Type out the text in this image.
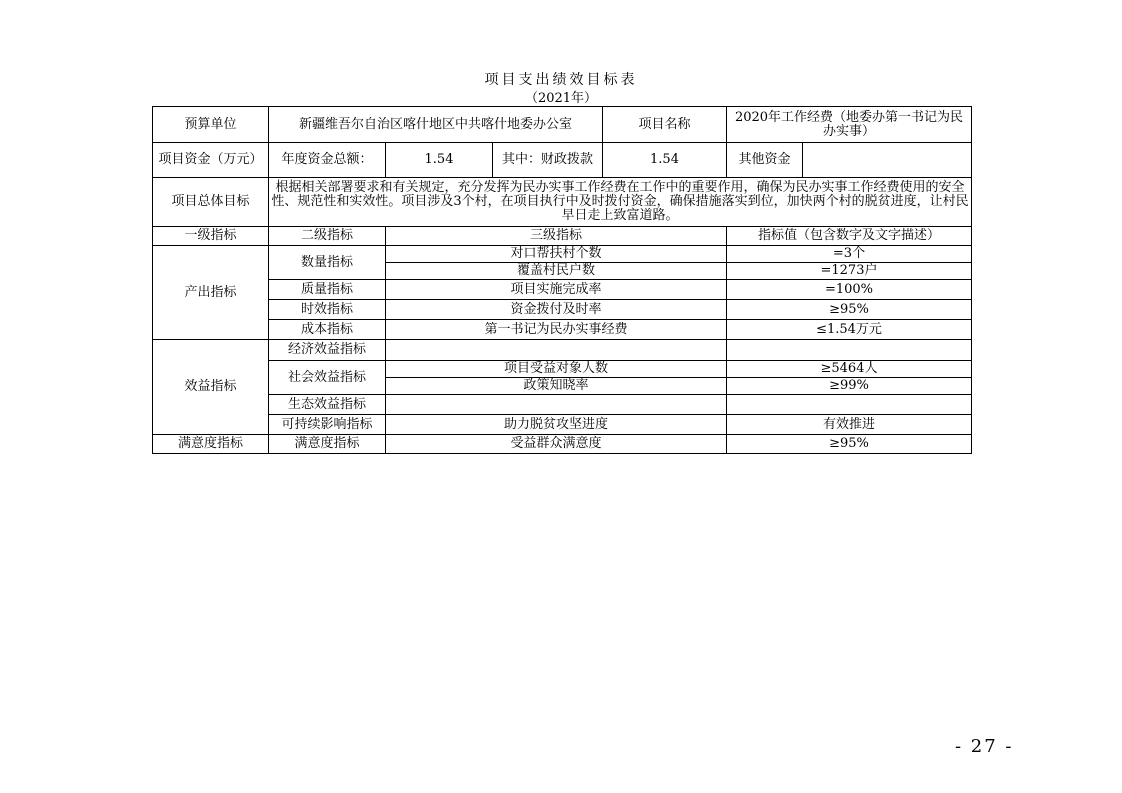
项目支出绩效目标表
（2021年）
预算单位	新疆维吾尔自治区喀什地区中共喀什地委办公室			项目名称	2020年工作经费（地委办第一书记为民办实事）	
项目资金（万元）	年度资金总额：	1.54	其中：财政拨款	1.54	其他资金	
项目总体目标	根据相关部署要求和有关规定，充分发挥为民办实事工作经费在工作中的重要作用，确保为民办实事工作经费使用的安全性、规范性和实效性。项目涉及3个村，在项目执行中及时拨付资金，确保措施落实到位，加快两个村的脱贫进度，让村民早日走上致富道路。					
一级指标	二级指标	三级指标			指标值（包含数字及文字描述）	
产出指标	数量指标	对口帮扶村个数			=3个	
		覆盖村民户数			=1273户	
	质量指标	项目实施完成率			=100%	
	时效指标	资金拨付及时率			≥95%	
	成本指标	第一书记为民办实事经费			≤1.54万元	
效益指标	经济效益指标					
	社会效益指标	项目受益对象人数			≥5464人	
		政策知晓率			≥99%	
	生态效益指标					
	可持续影响指标	助力脱贫攻坚进度			有效推进	
满意度指标	满意度指标	受益群众满意度			≥95%	
- 27 -
